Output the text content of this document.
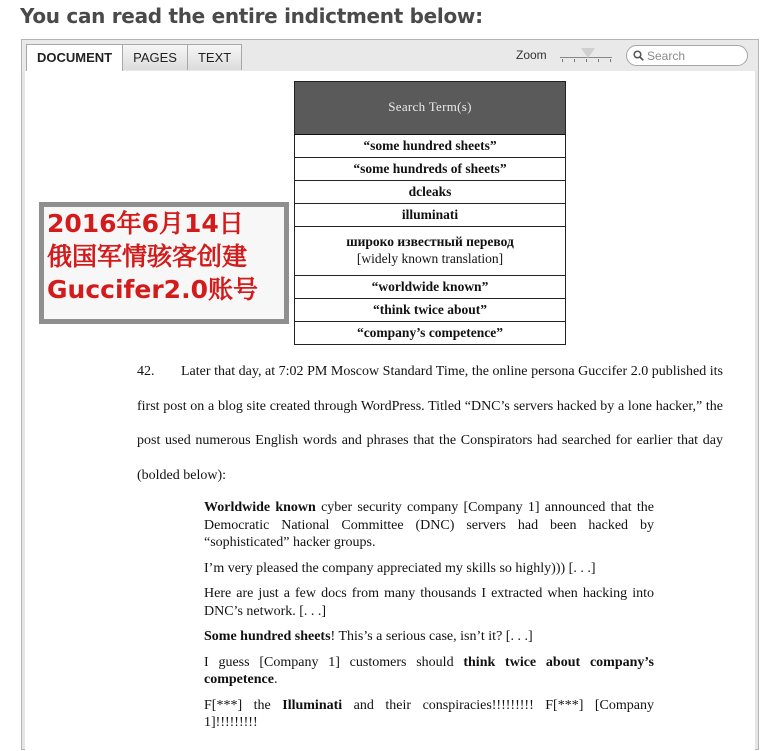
You can read the entire indictment below:
DOCUMENT	PAGES	TEXT	Zoom
Search
Search Term(s)
“some hundred sheets”
“some hundreds of sheets”
dcleaks
illuminati
широко известный перевод
[widely known translation]
“worldwide known”
“think twice about”
“company’s competence”
2016年6月14日
俄国军情骇客创建
Guccifer2.0账号
42. Later that day, at 7:02 PM Moscow Standard Time, the online persona Guccifer 2.0 published its first post on a blog site created through WordPress. Titled “DNC’s servers hacked by a lone hacker,” the post used numerous English words and phrases that the Conspirators had searched for earlier that day (bolded below):

Worldwide known cyber security company [Company 1] announced that the Democratic National Committee (DNC) servers had been hacked by “sophisticated” hacker groups.

I’m very pleased the company appreciated my skills so highly))) [. . .]

Here are just a few docs from many thousands I extracted when hacking into DNC’s network. [. . .]

Some hundred sheets! This’s a serious case, isn’t it? [. . .]

I guess [Company 1] customers should think twice about company’s competence.

F[***] the Illuminati and their conspiracies!!!!!!!!! F[***] [Company 1]!!!!!!!!!
